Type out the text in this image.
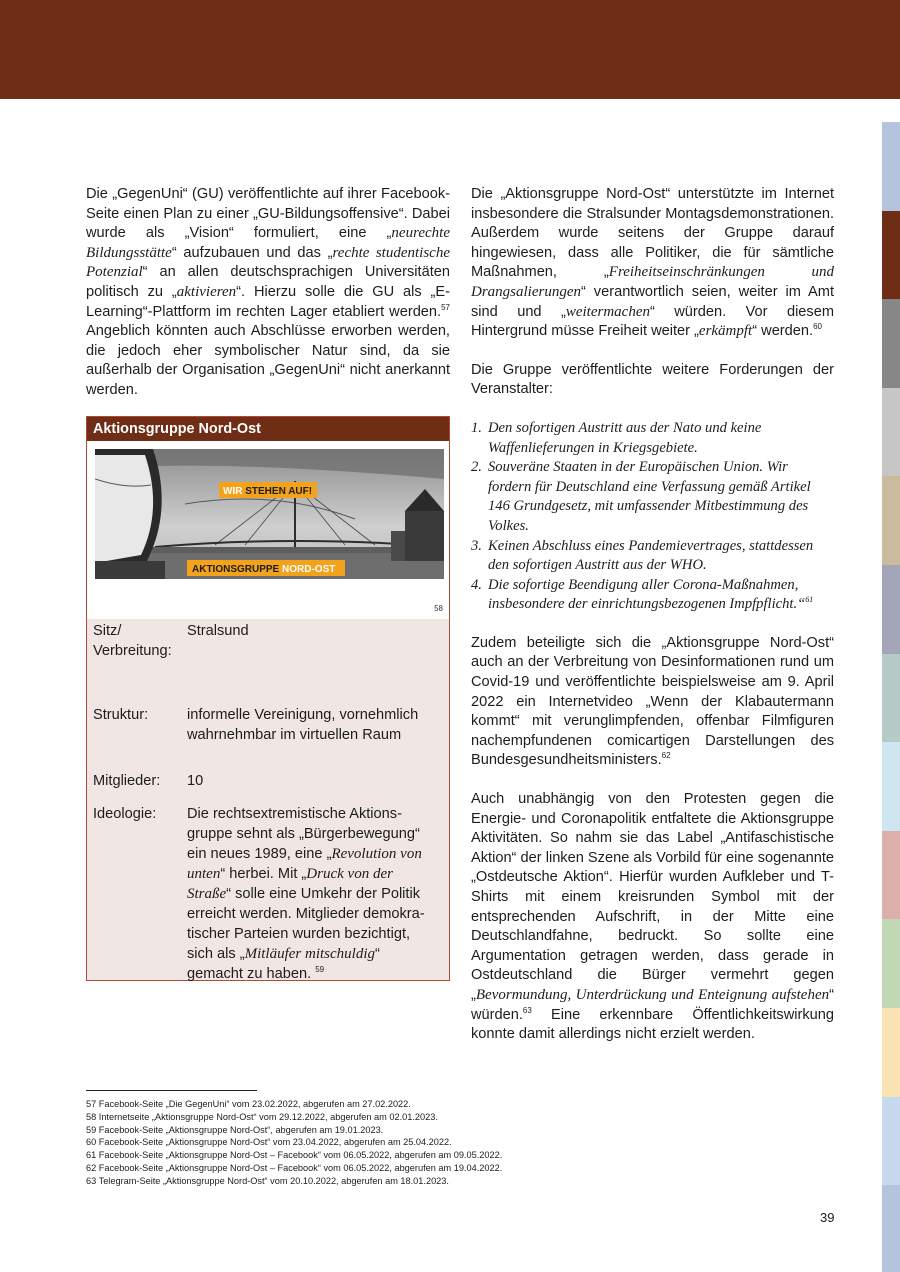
Die „GegenUni“ (GU) veröffentlichte auf ihrer Facebook-Seite einen Plan zu einer „GU-Bildungsoffensive“. Dabei wurde als „Vision“ formuliert, eine „neurechte Bildungsstätte“ aufzubauen und das „rechte studentische Potenzial“ an allen deutschsprachigen Universitäten politisch zu „aktivieren“. Hierzu solle die GU als „E-Learning“-Plattform im rechten Lager etabliert werden.$^{57}$ Angeblich könnten auch Abschlüsse erworben werden, die jedoch eher symbolischer Natur sind, da sie außerhalb der Organisation „GegenUni“ nicht anerkannt werden.

Aktionsgruppe Nord-Ost
WIR STEHEN AUF!
AKTIONSGRUPPE NORD-OST
58
Sitz/ Verbreitung:
Stralsund
Struktur:	informelle Vereinigung, vornehmlich wahrnehmbar im virtuellen Raum
Mitglieder:	10
Ideologie:	Die rechtsextremistische Aktionsgruppe sehnt als „Bürgerbewegung“ ein neues 1989, eine „Revolution von unten“ herbei. Mit „Druck von der Straße“ solle eine Umkehr der Politik erreicht werden. Mitglieder demokratischer Parteien wurden bezichtigt, sich als „Mitläufer mitschuldig“ gemacht zu haben. $^{59}$

Die „Aktionsgruppe Nord-Ost“ unterstützte im Internet insbesondere die Stralsunder Montagsdemonstrationen. Außerdem wurde seitens der Gruppe darauf hingewiesen, dass alle Politiker, die für sämtliche Maßnahmen, „Freiheitseinschränkungen und Drangsalierungen“ verantwortlich seien, weiter im Amt sind und „weitermachen“ würden. Vor diesem Hintergrund müsse Freiheit weiter „erkämpft“ werden.$^{60}$

Die Gruppe veröffentlichte weitere Forderungen der Veranstalter:

1. Den sofortigen Austritt aus der Nato und keine Waffenlieferungen in Kriegsgebiete.
2. Souveräne Staaten in der Europäischen Union. Wir fordern für Deutschland eine Verfassung gemäß Artikel 146 Grundgesetz, mit umfassender Mitbestimmung des Volkes.
3. Keinen Abschluss eines Pandemievertrages, stattdessen den sofortigen Austritt aus der WHO.
4. Die sofortige Beendigung aller Corona-Maßnahmen, insbesondere der einrichtungsbezogenen Impfpflicht.“$^{61}$

Zudem beteiligte sich die „Aktionsgruppe Nord-Ost“ auch an der Verbreitung von Desinformationen rund um Covid-19 und veröffentlichte beispielsweise am 9. April 2022 ein Internetvideo „Wenn der Klabautermann kommt“ mit verunglimpfenden, offenbar Filmfiguren nachempfundenen comicartigen Darstellungen des Bundesgesundheitsministers.$^{62}$

Auch unabhängig von den Protesten gegen die Energie- und Coronapolitik entfaltete die Aktionsgruppe Aktivitäten. So nahm sie das Label „Antifaschistische Aktion“ der linken Szene als Vorbild für eine sogenannte „Ostdeutsche Aktion“. Hierfür wurden Aufkleber und T-Shirts mit einem kreisrunden Symbol mit der entsprechenden Aufschrift, in der Mitte eine Deutschlandfahne, bedruckt. So sollte eine Argumentation getragen werden, dass gerade in Ostdeutschland die Bürger vermehrt gegen „Bevormundung, Unterdrückung und Enteignung aufstehen“ würden.$^{63}$ Eine erkennbare Öffentlichkeitswirkung konnte damit allerdings nicht erzielt werden.

57 Facebook-Seite „Die GegenUni“ vom 23.02.2022, abgerufen am 27.02.2022.
58 Internetseite „Aktionsgruppe Nord-Ost“ vom 29.12.2022, abgerufen am 02.01.2023.
59 Facebook-Seite „Aktionsgruppe Nord-Ost“, abgerufen am 19.01.2023.
60 Facebook-Seite „Aktionsgruppe Nord-Ost“ vom 23.04.2022, abgerufen am 25.04.2022.
61 Facebook-Seite „Aktionsgruppe Nord-Ost – Facebook“ vom 06.05.2022, abgerufen am 09.05.2022.
62 Facebook-Seite „Aktionsgruppe Nord-Ost – Facebook“ vom 06.05.2022, abgerufen am 19.04.2022.
63 Telegram-Seite „Aktionsgruppe Nord-Ost“ vom 20.10.2022, abgerufen am 18.01.2023.
39
